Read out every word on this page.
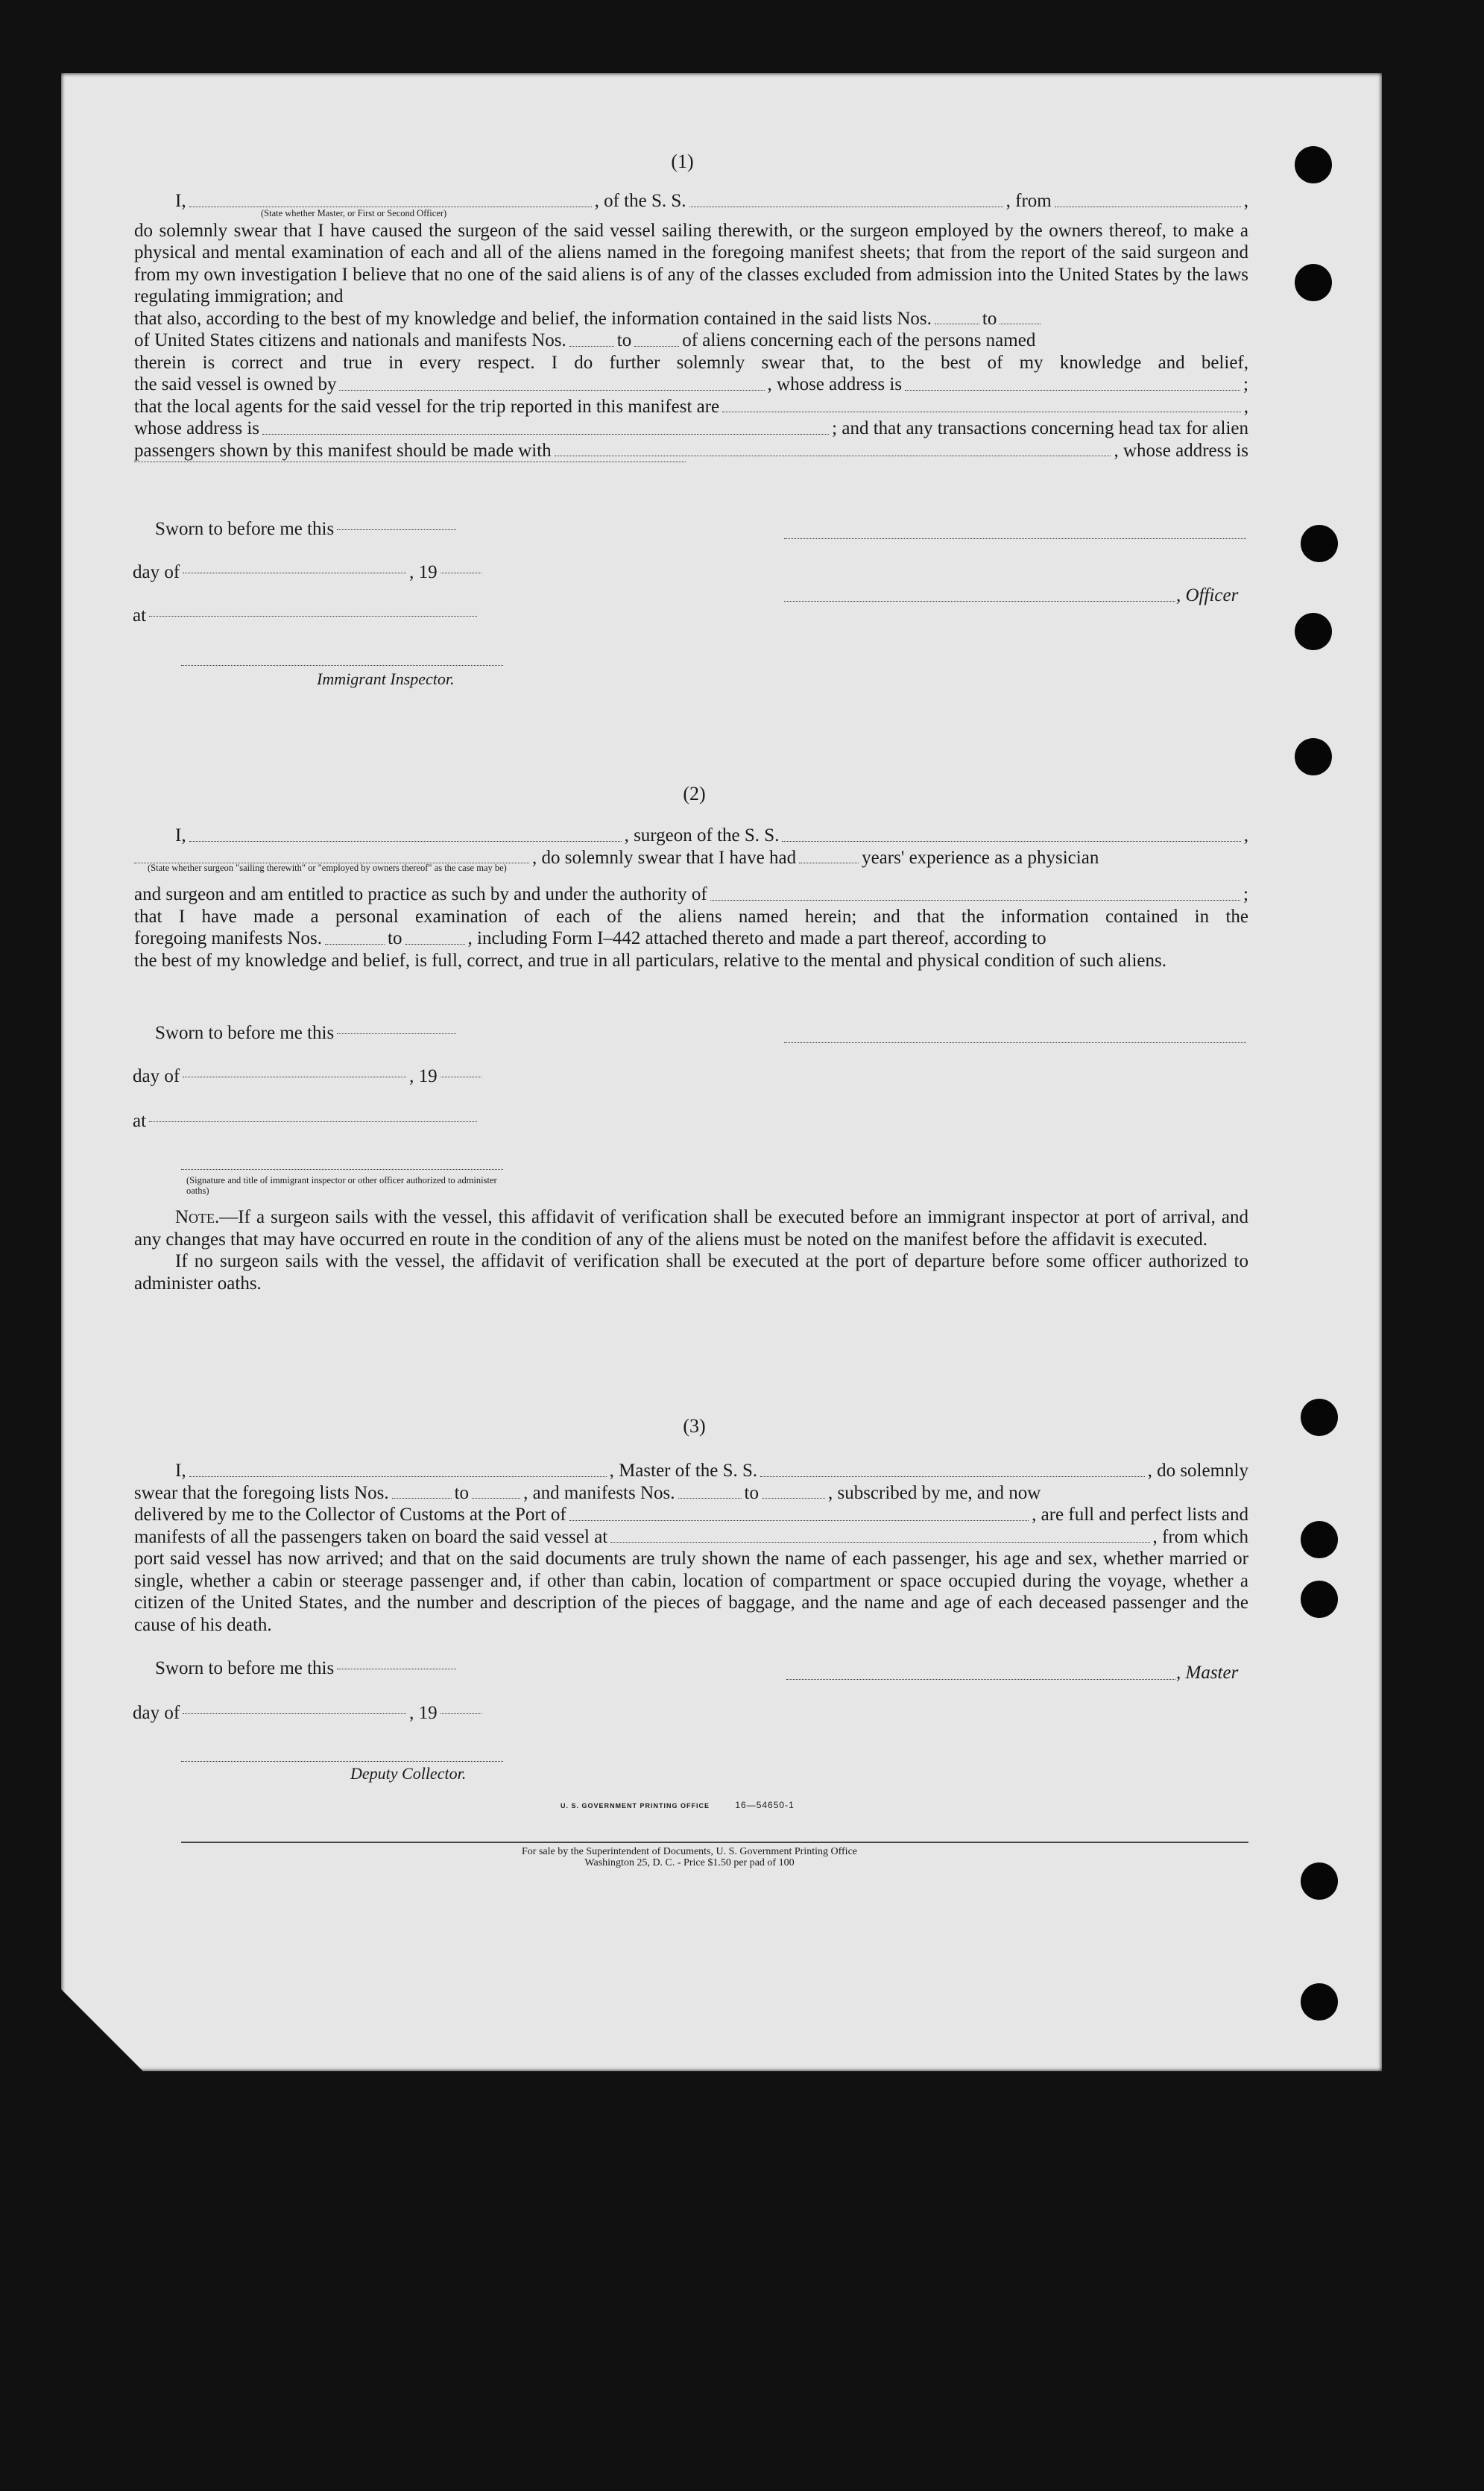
(1)
I,	, of the S. S.	, from	,
(State whether Master, or First or Second Officer)
do solemnly swear that I have caused the surgeon of the said vessel sailing therewith, or the surgeon employed by the owners thereof, to make a physical and mental examination of each and all of the aliens named in the foregoing manifest sheets; that from the report of the said surgeon and from my own investigation I believe that no one of the said aliens is of any of the classes excluded from admission into the United States by the laws regulating immigration; and
that also, according to the best of my knowledge and belief, the information contained in the said lists Nos.	to
of United States citizens and nationals and manifests Nos.	to	of aliens concerning each of the persons named
therein is correct and true in every respect. I do further solemnly swear that, to the best of my knowledge and belief,
the said vessel is owned by	, whose address is	;
that the local agents for the said vessel for the trip reported in this manifest are	,
whose address is	; and that any transactions concerning head tax for alien
passengers shown by this manifest should be made with	, whose address is
Sworn to before me this
day of	, 19
at
, Officer
Immigrant Inspector.
(2)
I,	, surgeon of the S. S.	,
, do solemnly swear that I have had	years' experience as a physician
(State whether surgeon "sailing therewith" or "employed by owners thereof" as the case may be)
and surgeon and am entitled to practice as such by and under the authority of	;
that I have made a personal examination of each of the aliens named herein; and that the information contained in the
foregoing manifests Nos.	to	, including Form I–442 attached thereto and made a part thereof, according to
the best of my knowledge and belief, is full, correct, and true in all particulars, relative to the mental and physical condition of such aliens.
Sworn to before me this
day of	, 19
at
(Signature and title of immigrant inspector or other officer authorized to administer oaths)
Note.—If a surgeon sails with the vessel, this affidavit of verification shall be executed before an immigrant inspector at port of arrival, and any changes that may have occurred en route in the condition of any of the aliens must be noted on the manifest before the affidavit is executed.
If no surgeon sails with the vessel, the affidavit of verification shall be executed at the port of departure before some officer authorized to administer oaths.
(3)
I,	, Master of the S. S.	, do solemnly
swear that the foregoing lists Nos.	to	, and manifests Nos.	to	, subscribed by me, and now
delivered by me to the Collector of Customs at the Port of	, are full and perfect lists and
manifests of all the passengers taken on board the said vessel at	, from which
port said vessel has now arrived; and that on the said documents are truly shown the name of each passenger, his age and sex, whether married or single, whether a cabin or steerage passenger and, if other than cabin, location of compartment or space occupied during the voyage, whether a citizen of the United States, and the number and description of the pieces of baggage, and the name and age of each deceased passenger and the cause of his death.
Sworn to before me this	, Master
day of	, 19
Deputy Collector.
U. S. GOVERNMENT PRINTING OFFICE	16—54650-1
For sale by the Superintendent of Documents, U. S. Government Printing Office
Washington 25, D. C. - Price $1.50 per pad of 100
